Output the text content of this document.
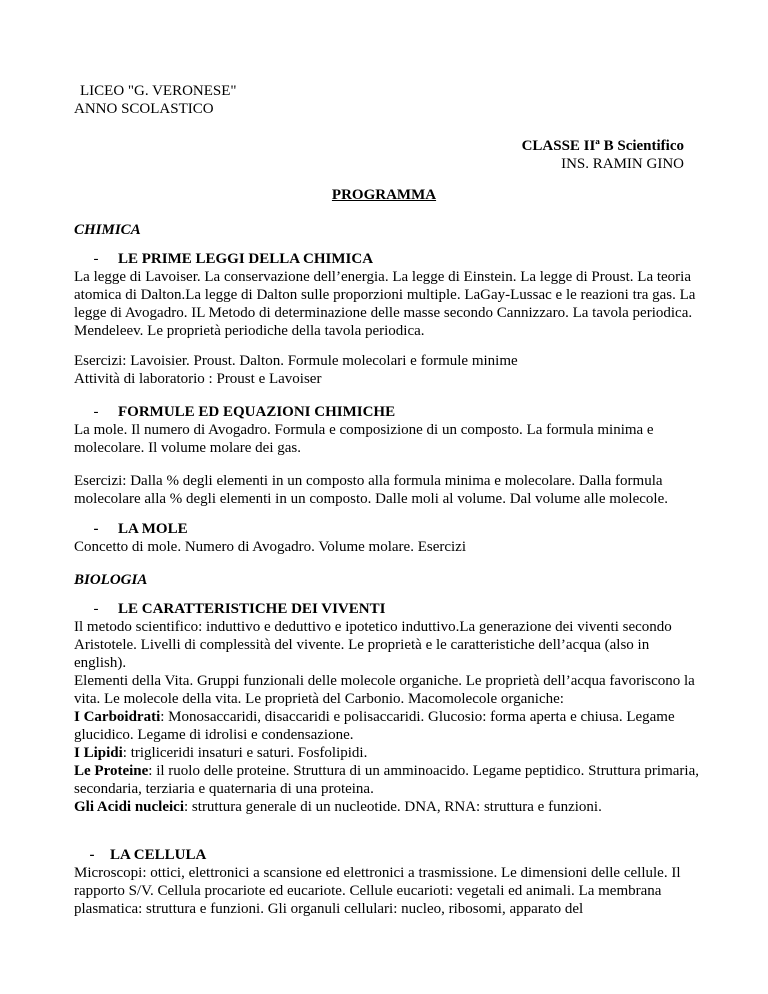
LICEO "G. VERONESE"
ANNO SCOLASTICO
CLASSE IIª B Scientifico
INS. RAMIN GINO
PROGRAMMA
CHIMICA

- LE PRIME LEGGI DELLA CHIMICA

La legge di Lavoiser. La conservazione dell’energia. La legge di Einstein. La legge di Proust. La teoria atomica di Dalton.La legge di Dalton sulle proporzioni multiple. LaGay-Lussac e le reazioni tra gas. La legge di Avogadro. IL Metodo di determinazione delle masse secondo Cannizzaro. La tavola periodica. Mendeleev. Le proprietà periodiche della tavola periodica.

Esercizi: Lavoisier. Proust. Dalton. Formule molecolari e formule minime

Attività di laboratorio : Proust e Lavoiser

- FORMULE ED EQUAZIONI CHIMICHE

La mole. Il numero di Avogadro. Formula e composizione di un composto. La formula minima e molecolare. Il volume molare dei gas.

Esercizi: Dalla % degli elementi in un composto alla formula minima e molecolare. Dalla formula molecolare alla % degli elementi in un composto. Dalle moli al volume. Dal volume alle molecole.

- LA MOLE

Concetto di mole. Numero di Avogadro. Volume molare. Esercizi

BIOLOGIA

- LE CARATTERISTICHE DEI VIVENTI

Il metodo scientifico: induttivo e deduttivo e ipotetico induttivo.La generazione dei viventi secondo Aristotele. Livelli di complessità del vivente. Le proprietà e le caratteristiche dell’acqua (also in english).

Elementi della Vita. Gruppi funzionali delle molecole organiche. Le proprietà dell’acqua favoriscono la vita. Le molecole della vita. Le proprietà del Carbonio. Macomolecole organiche:

I Carboidrati: Monosaccaridi, disaccaridi e polisaccaridi. Glucosio: forma aperta e chiusa. Legame glucidico. Legame di idrolisi e condensazione.

I Lipidi: trigliceridi insaturi e saturi. Fosfolipidi.

Le Proteine: il ruolo delle proteine. Struttura di un amminoacido. Legame peptidico. Struttura primaria, secondaria, terziaria e quaternaria di una proteina.

Gli Acidi nucleici: struttura generale di un nucleotide. DNA, RNA: struttura e funzioni.

- LA CELLULA

Microscopi: ottici, elettronici a scansione ed elettronici a trasmissione. Le dimensioni delle cellule. Il rapporto S/V. Cellula procariote ed eucariote. Cellule eucarioti: vegetali ed animali. La membrana plasmatica: struttura e funzioni. Gli organuli cellulari: nucleo, ribosomi, apparato del
